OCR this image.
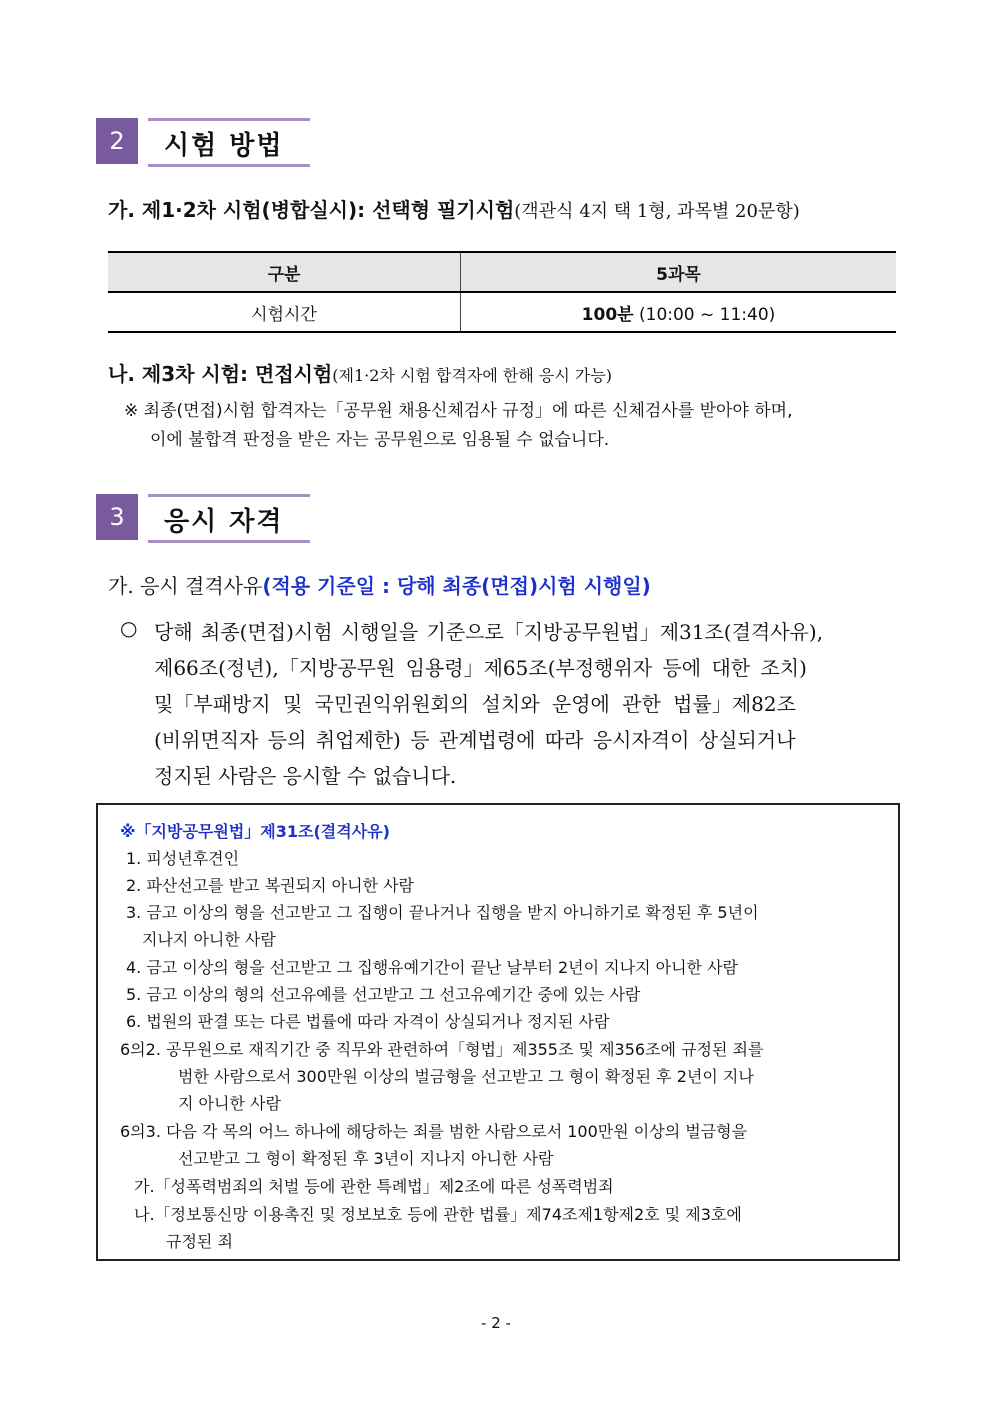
2	시험 방법
가. 제1·2차 시험(병합실시): 선택형 필기시험(객관식 4지 택 1형, 과목별 20문항)
구분	5과목
시험시간	100분 (10:00 ~ 11:40)
나. 제3차 시험: 면접시험(제1·2차 시험 합격자에 한해 응시 가능)
※ 최종(면접)시험 합격자는「공무원 채용신체검사 규정」에 따른 신체검사를 받아야 하며,
이에 불합격 판정을 받은 자는 공무원으로 임용될 수 없습니다.
3	응시 자격
가. 응시 결격사유(적용 기준일 : 당해 최종(면접)시험 시행일)
○ 당해 최종(면접)시험 시행일을 기준으로「지방공무원법」제31조(결격사유),
제66조(정년),「지방공무원 임용령」제65조(부정행위자 등에 대한 조치)
및「부패방지 및 국민권익위원회의 설치와 운영에 관한 법률」제82조
(비위면직자 등의 취업제한) 등 관계법령에 따라 응시자격이 상실되거나
정지된 사람은 응시할 수 없습니다.
※「지방공무원법」제31조(결격사유)
1. 피성년후견인
2. 파산선고를 받고 복권되지 아니한 사람
3. 금고 이상의 형을 선고받고 그 집행이 끝나거나 집행을 받지 아니하기로 확정된 후 5년이
지나지 아니한 사람
4. 금고 이상의 형을 선고받고 그 집행유예기간이 끝난 날부터 2년이 지나지 아니한 사람
5. 금고 이상의 형의 선고유예를 선고받고 그 선고유예기간 중에 있는 사람
6. 법원의 판결 또는 다른 법률에 따라 자격이 상실되거나 정지된 사람
6의2. 공무원으로 재직기간 중 직무와 관련하여「형법」제355조 및 제356조에 규정된 죄를
범한 사람으로서 300만원 이상의 벌금형을 선고받고 그 형이 확정된 후 2년이 지나
지 아니한 사람
6의3. 다음 각 목의 어느 하나에 해당하는 죄를 범한 사람으로서 100만원 이상의 벌금형을
선고받고 그 형이 확정된 후 3년이 지나지 아니한 사람
가.「성폭력범죄의 처벌 등에 관한 특례법」제2조에 따른 성폭력범죄
나.「정보통신망 이용촉진 및 정보보호 등에 관한 법률」제74조제1항제2호 및 제3호에
규정된 죄
- 2 -
